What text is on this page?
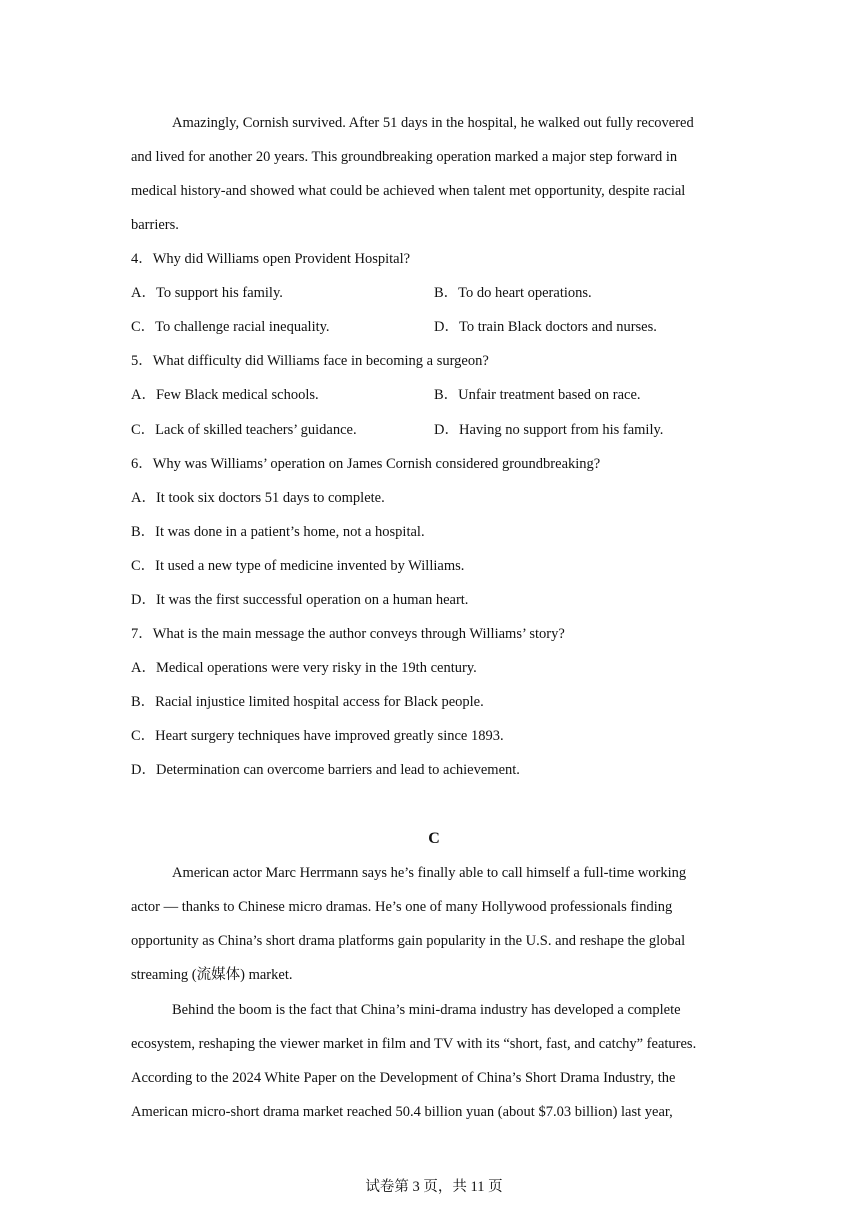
Amazingly, Cornish survived. After 51 days in the hospital, he walked out fully recovered
and lived for another 20 years. This groundbreaking operation marked a major step forward in
medical history-and showed what could be achieved when talent met opportunity, despite racial
barriers.
4．Why did Williams open Provident Hospital?
A．To support his family.	B．To do heart operations.
C．To challenge racial inequality.	D．To train Black doctors and nurses.
5．What difficulty did Williams face in becoming a surgeon?
A．Few Black medical schools.	B．Unfair treatment based on race.
C．Lack of skilled teachers’ guidance.	D．Having no support from his family.
6．Why was Williams’ operation on James Cornish considered groundbreaking?
A．It took six doctors 51 days to complete.
B．It was done in a patient’s home, not a hospital.
C．It used a new type of medicine invented by Williams.
D．It was the first successful operation on a human heart.
7．What is the main message the author conveys through Williams’ story?
A．Medical operations were very risky in the 19th century.
B．Racial injustice limited hospital access for Black people.
C．Heart surgery techniques have improved greatly since 1893.
D．Determination can overcome barriers and lead to achievement.
C
American actor Marc Herrmann says he’s finally able to call himself a full-time working
actor — thanks to Chinese micro dramas. He’s one of many Hollywood professionals finding
opportunity as China’s short drama platforms gain popularity in the U.S. and reshape the global
streaming (流媒体) market.
Behind the boom is the fact that China’s mini-drama industry has developed a complete
ecosystem, reshaping the viewer market in film and TV with its “short, fast, and catchy” features.
According to the 2024 White Paper on the Development of China’s Short Drama Industry, the
American micro-short drama market reached 50.4 billion yuan (about $7.03 billion) last year,
试卷第 3 页，共 11 页
